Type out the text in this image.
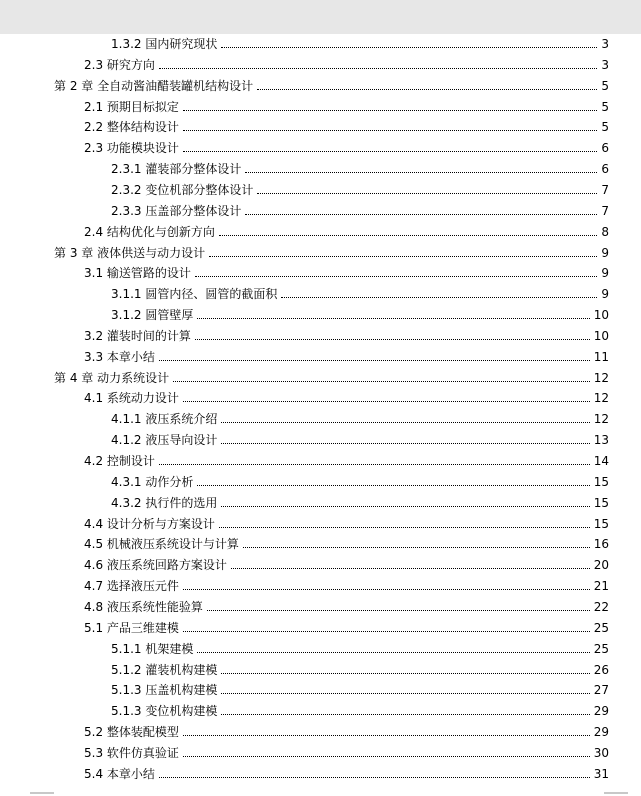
1.3.2 国内研究现状	3
2.3 研究方向	3
第 2 章 全自动酱油醋装罐机结构设计	5
2.1 预期目标拟定	5
2.2 整体结构设计	5
2.3 功能模块设计	6
2.3.1 灌装部分整体设计	6
2.3.2 变位机部分整体设计	7
2.3.3 压盖部分整体设计	7
2.4 结构优化与创新方向	8
第 3 章 液体供送与动力设计	9
3.1 输送管路的设计	9
3.1.1 圆管内径、圆管的截面积	9
3.1.2 圆管壁厚	10
3.2 灌装时间的计算	10
3.3 本章小结	11
第 4 章 动力系统设计	12
4.1 系统动力设计	12
4.1.1 液压系统介绍	12
4.1.2 液压导向设计	13
4.2 控制设计	14
4.3.1 动作分析	15
4.3.2 执行件的选用	15
4.4 设计分析与方案设计	15
4.5 机械液压系统设计与计算	16
4.6 液压系统回路方案设计	20
4.7 选择液压元件	21
4.8 液压系统性能验算	22
5.1 产品三维建模	25
5.1.1 机架建模	25
5.1.2 灌装机构建模	26
5.1.3 压盖机构建模	27
5.1.3 变位机构建模	29
5.2 整体装配模型	29
5.3 软件仿真验证	30
5.4 本章小结	31
